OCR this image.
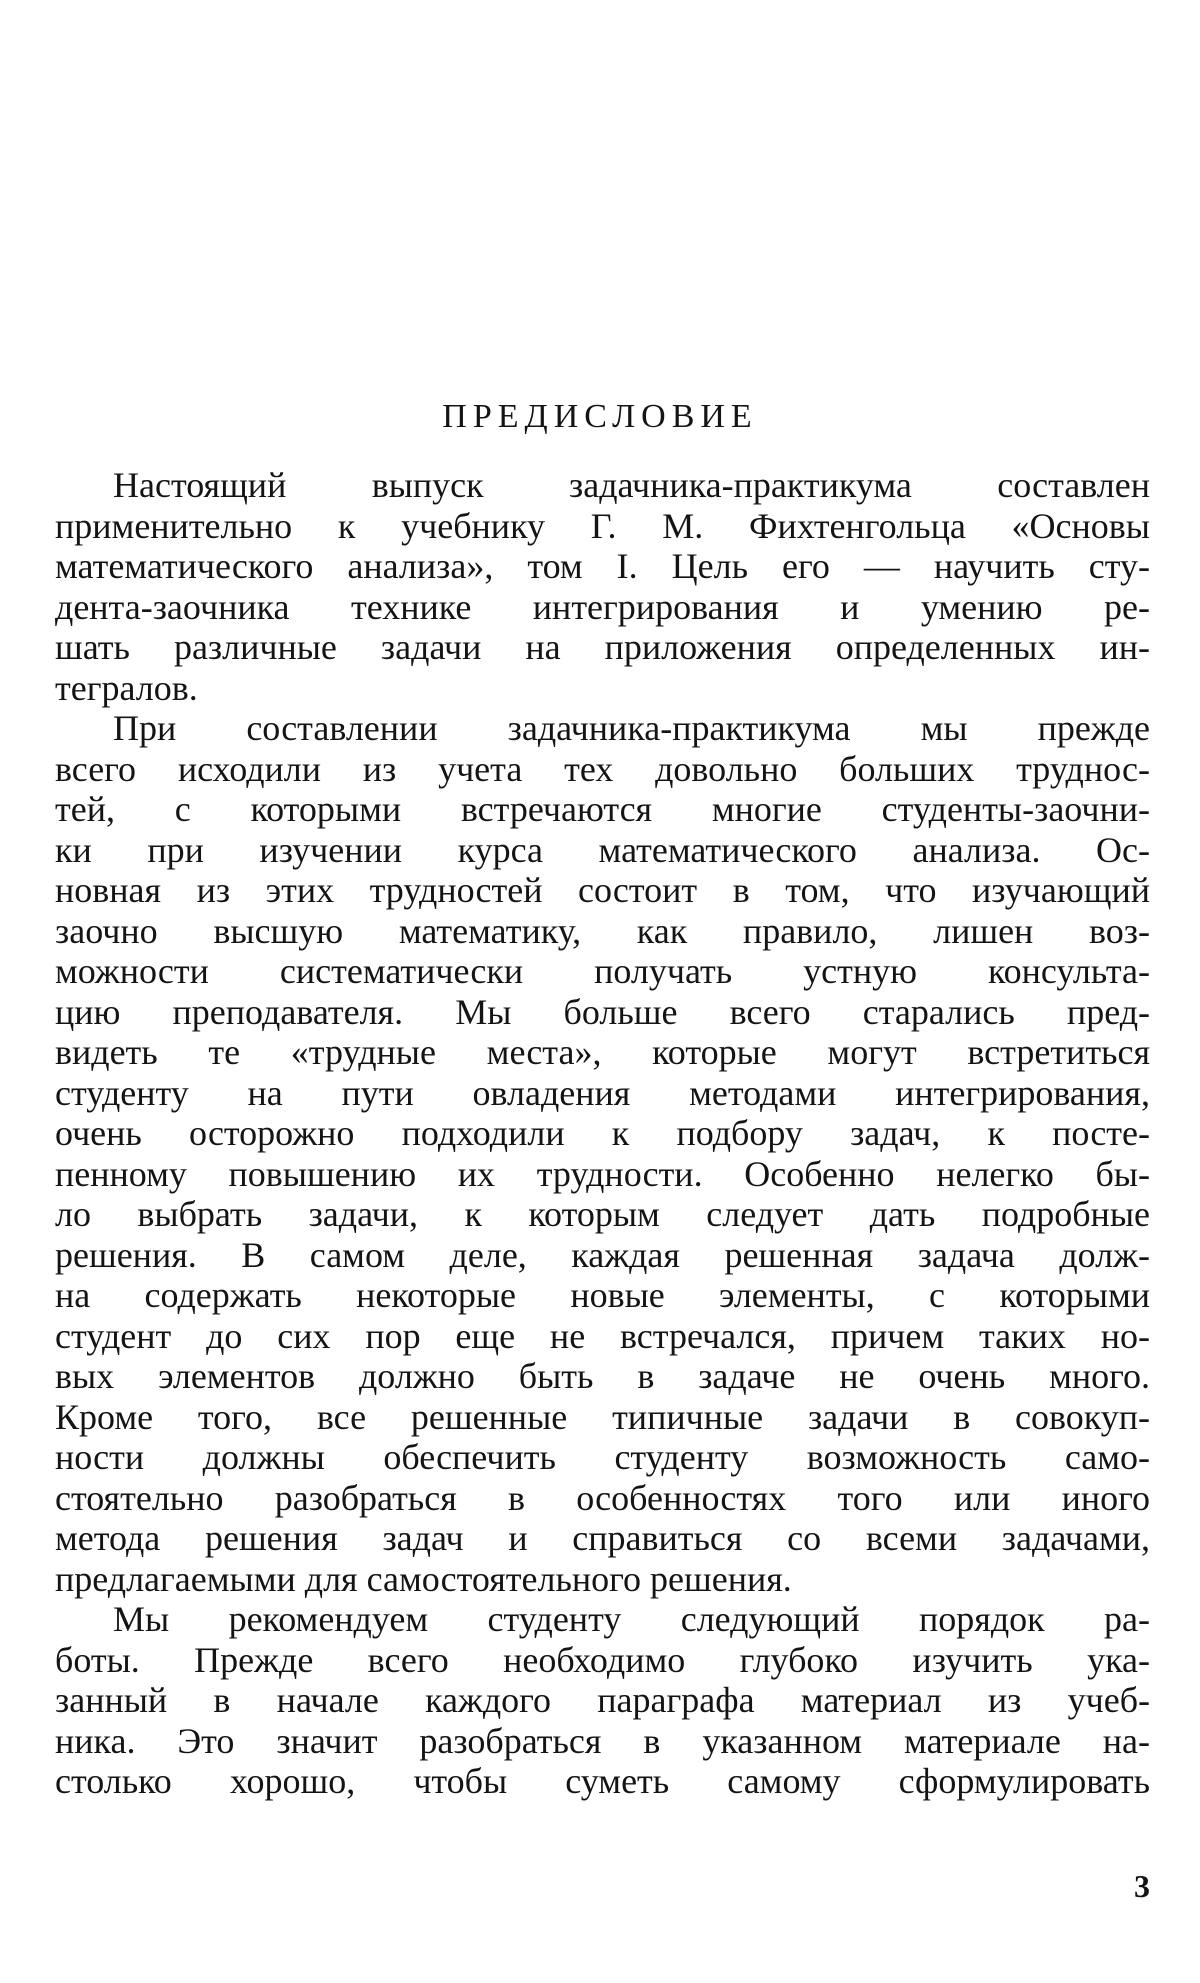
ПРЕДИСЛОВИЕ
Настоящий выпуск задачника-практикума составлен
применительно к учебнику Г. М. Фихтенгольца «Основы
математического анализа», том I. Цель его — научить сту-
дента-заочника технике интегрирования и умению ре-
шать различные задачи на приложения определенных ин-
тегралов.
При составлении задачника-практикума мы прежде
всего исходили из учета тех довольно больших труднос-
тей, с которыми встречаются многие студенты-заочни-
ки при изучении курса математического анализа. Ос-
новная из этих трудностей состоит в том, что изучающий
заочно высшую математику, как правило, лишен воз-
можности систематически получать устную консульта-
цию преподавателя. Мы больше всего старались пред-
видеть те «трудные места», которые могут встретиться
студенту на пути овладения методами интегрирования,
очень осторожно подходили к подбору задач, к посте-
пенному повышению их трудности. Особенно нелегко бы-
ло выбрать задачи, к которым следует дать подробные
решения. В самом деле, каждая решенная задача долж-
на содержать некоторые новые элементы, с которыми
студент до сих пор еще не встречался, причем таких но-
вых элементов должно быть в задаче не очень много.
Кроме того, все решенные типичные задачи в совокуп-
ности должны обеспечить студенту возможность само-
стоятельно разобраться в особенностях того или иного
метода решения задач и справиться со всеми задачами,
предлагаемыми для самостоятельного решения.
Мы рекомендуем студенту следующий порядок ра-
боты. Прежде всего необходимо глубоко изучить ука-
занный в начале каждого параграфа материал из учеб-
ника. Это значит разобраться в указанном материале на-
столько хорошо, чтобы суметь самому сформулировать
3
